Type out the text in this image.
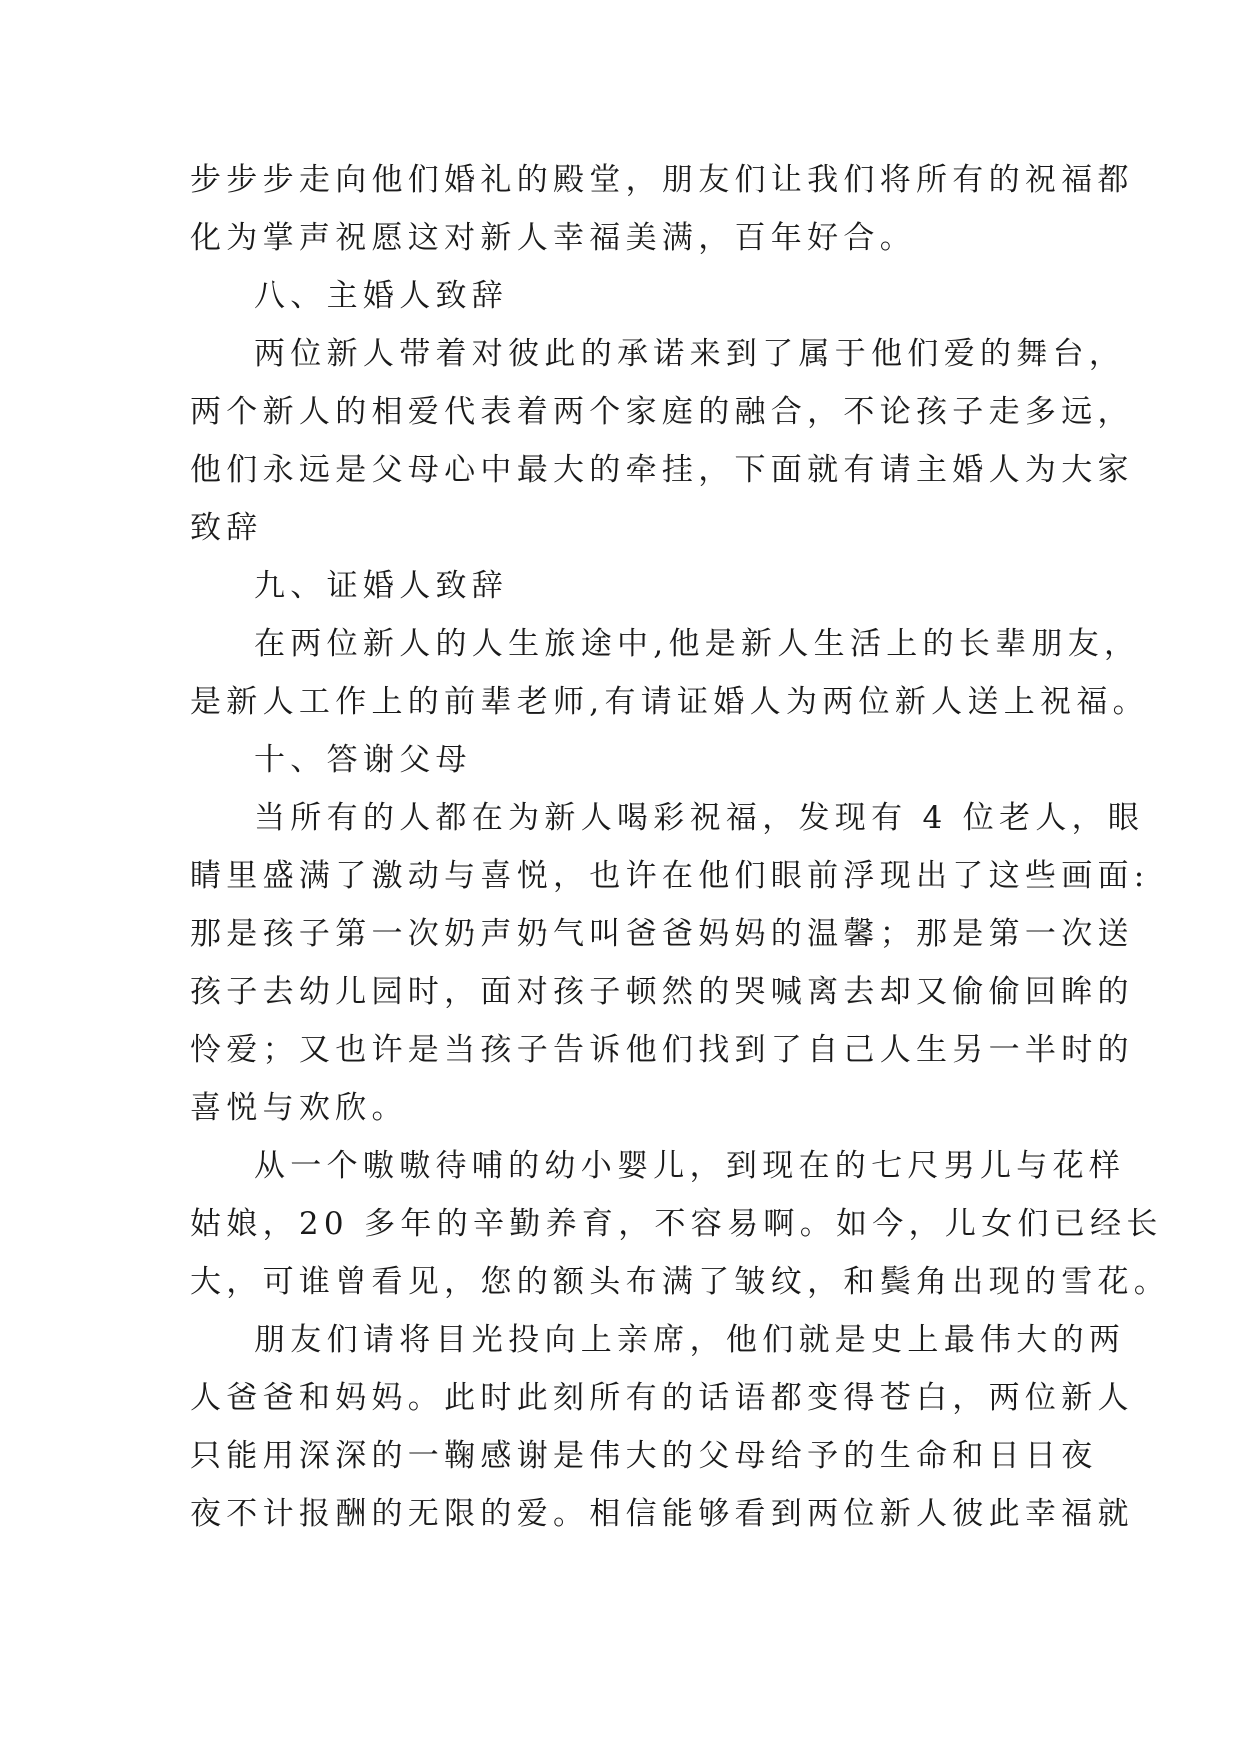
步步步走向他们婚礼的殿堂，朋友们让我们将所有的祝福都
化为掌声祝愿这对新人幸福美满，百年好合。
八、主婚人致辞
两位新人带着对彼此的承诺来到了属于他们爱的舞台，
两个新人的相爱代表着两个家庭的融合，不论孩子走多远，
他们永远是父母心中最大的牵挂，下面就有请主婚人为大家
致辞
九、证婚人致辞
在两位新人的人生旅途中,他是新人生活上的长辈朋友，
是新人工作上的前辈老师,有请证婚人为两位新人送上祝福。
十、答谢父母
当所有的人都在为新人喝彩祝福，发现有 4 位老人，眼
睛里盛满了激动与喜悦，也许在他们眼前浮现出了这些画面:
那是孩子第一次奶声奶气叫爸爸妈妈的温馨；那是第一次送
孩子去幼儿园时，面对孩子顿然的哭喊离去却又偷偷回眸的
怜爱；又也许是当孩子告诉他们找到了自己人生另一半时的
喜悦与欢欣。
从一个嗷嗷待哺的幼小婴儿，到现在的七尺男儿与花样
姑娘，20 多年的辛勤养育，不容易啊。如今，儿女们已经长
大，可谁曾看见，您的额头布满了皱纹，和鬓角出现的雪花。
朋友们请将目光投向上亲席，他们就是史上最伟大的两
人爸爸和妈妈。此时此刻所有的话语都变得苍白，两位新人
只能用深深的一鞠感谢是伟大的父母给予的生命和日日夜
夜不计报酬的无限的爱。相信能够看到两位新人彼此幸福就
